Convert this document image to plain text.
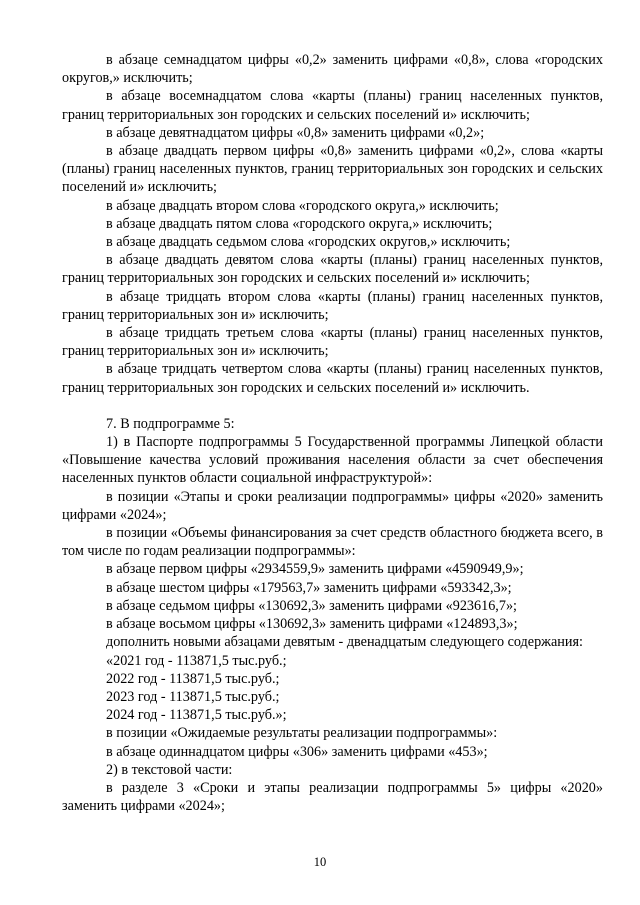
в абзаце семнадцатом цифры «0,2» заменить цифрами «0,8», слова «городских округов,» исключить;

в абзаце восемнадцатом слова «карты (планы) границ населенных пунктов, границ территориальных зон городских и сельских поселений и» исключить;

в абзаце девятнадцатом цифры «0,8» заменить цифрами «0,2»;

в абзаце двадцать первом цифры «0,8» заменить цифрами «0,2», слова «карты (планы) границ населенных пунктов, границ территориальных зон городских и сельских поселений и» исключить;

в абзаце двадцать втором слова «городского округа,» исключить;

в абзаце двадцать пятом слова «городского округа,» исключить;

в абзаце двадцать седьмом слова «городских округов,» исключить;

в абзаце двадцать девятом слова «карты (планы) границ населенных пунктов, границ территориальных зон городских и сельских поселений и» исключить;

в абзаце тридцать втором слова «карты (планы) границ населенных пунктов, границ территориальных зон и» исключить;

в абзаце тридцать третьем слова «карты (планы) границ населенных пунктов, границ территориальных зон и» исключить;

в абзаце тридцать четвертом слова «карты (планы) границ населенных пунктов, границ территориальных зон городских и сельских поселений и» исключить.

7. В подпрограмме 5:

1) в Паспорте подпрограммы 5 Государственной программы Липецкой области «Повышение качества условий проживания населения области за счет обеспечения населенных пунктов области социальной инфраструктурой»:

в позиции «Этапы и сроки реализации подпрограммы» цифры «2020» заменить цифрами «2024»;

в позиции «Объемы финансирования за счет средств областного бюджета всего, в том числе по годам реализации подпрограммы»:

в абзаце первом цифры «2934559,9» заменить цифрами «4590949,9»;

в абзаце шестом цифры «179563,7» заменить цифрами «593342,3»;

в абзаце седьмом цифры «130692,3» заменить цифрами «923616,7»;

в абзаце восьмом цифры «130692,3» заменить цифрами «124893,3»;

дополнить новыми абзацами девятым - двенадцатым следующего содержания:

«2021 год - 113871,5 тыс.руб.;

2022 год - 113871,5 тыс.руб.;

2023 год - 113871,5 тыс.руб.;

2024 год - 113871,5 тыс.руб.»;

в позиции «Ожидаемые результаты реализации подпрограммы»:

в абзаце одиннадцатом цифры «306» заменить цифрами «453»;

2) в текстовой части:

в разделе 3 «Сроки и этапы реализации подпрограммы 5» цифры «2020» заменить цифрами «2024»;

10
